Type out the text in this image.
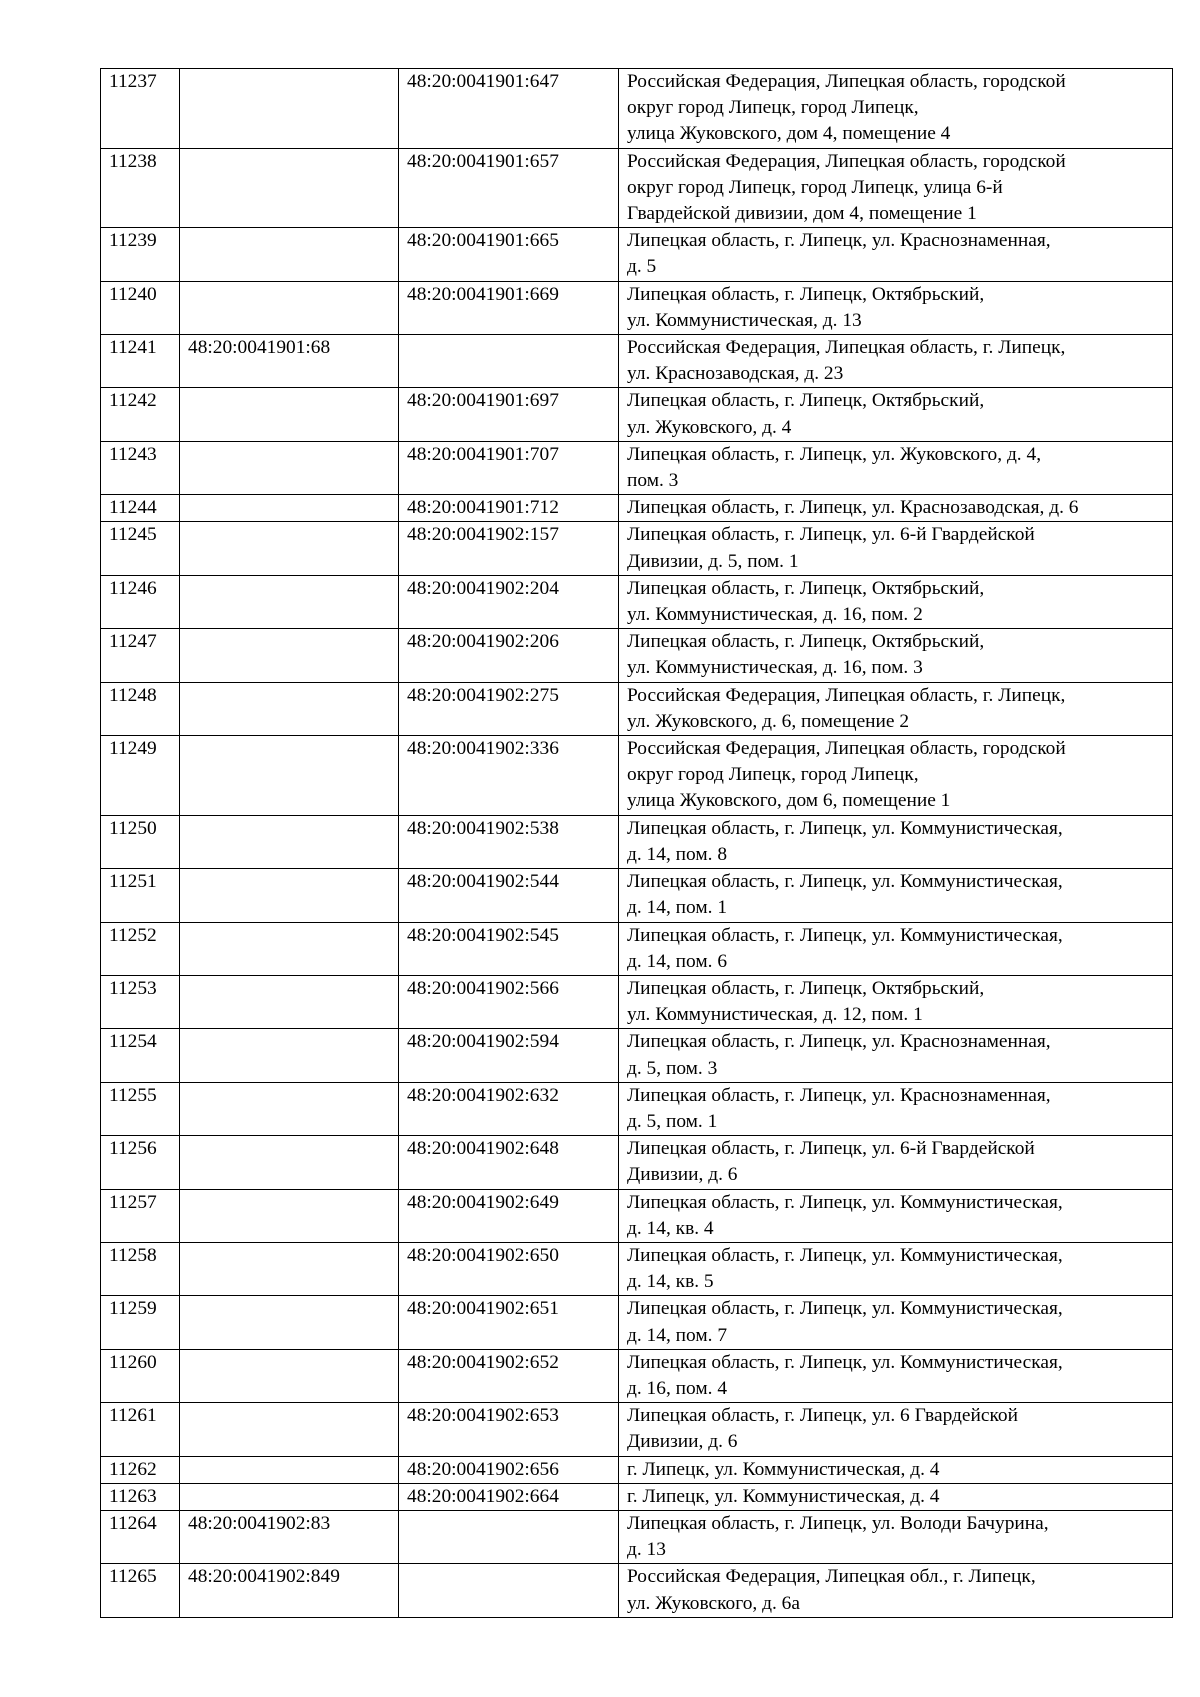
11237		48:20:0041901:647	Российская Федерация, Липецкая область, городской
округ город Липецк, город Липецк,
улица Жуковского, дом 4, помещение 4

11238		48:20:0041901:657	Российская Федерация, Липецкая область, городской
округ город Липецк, город Липецк, улица 6-й
Гвардейской дивизии, дом 4, помещение 1

11239		48:20:0041901:665	Липецкая область, г. Липецк, ул. Краснознаменная,
д. 5

11240		48:20:0041901:669	Липецкая область, г. Липецк, Октябрьский,
ул. Коммунистическая, д. 13

11241	48:20:0041901:68		Российская Федерация, Липецкая область, г. Липецк,
ул. Краснозаводская, д. 23

11242		48:20:0041901:697	Липецкая область, г. Липецк, Октябрьский,
ул. Жуковского, д. 4

11243		48:20:0041901:707	Липецкая область, г. Липецк, ул. Жуковского, д. 4,
пом. 3

11244		48:20:0041901:712	Липецкая область, г. Липецк, ул. Краснозаводская, д. 6

11245		48:20:0041902:157	Липецкая область, г. Липецк, ул. 6-й Гвардейской
Дивизии, д. 5, пом. 1

11246		48:20:0041902:204	Липецкая область, г. Липецк, Октябрьский,
ул. Коммунистическая, д. 16, пом. 2

11247		48:20:0041902:206	Липецкая область, г. Липецк, Октябрьский,
ул. Коммунистическая, д. 16, пом. 3

11248		48:20:0041902:275	Российская Федерация, Липецкая область, г. Липецк,
ул. Жуковского, д. 6, помещение 2

11249		48:20:0041902:336	Российская Федерация, Липецкая область, городской
округ город Липецк, город Липецк,
улица Жуковского, дом 6, помещение 1

11250		48:20:0041902:538	Липецкая область, г. Липецк, ул. Коммунистическая,
д. 14, пом. 8

11251		48:20:0041902:544	Липецкая область, г. Липецк, ул. Коммунистическая,
д. 14, пом. 1

11252		48:20:0041902:545	Липецкая область, г. Липецк, ул. Коммунистическая,
д. 14, пом. 6

11253		48:20:0041902:566	Липецкая область, г. Липецк, Октябрьский,
ул. Коммунистическая, д. 12, пом. 1

11254		48:20:0041902:594	Липецкая область, г. Липецк, ул. Краснознаменная,
д. 5, пом. 3

11255		48:20:0041902:632	Липецкая область, г. Липецк, ул. Краснознаменная,
д. 5, пом. 1

11256		48:20:0041902:648	Липецкая область, г. Липецк, ул. 6-й Гвардейской
Дивизии, д. 6

11257		48:20:0041902:649	Липецкая область, г. Липецк, ул. Коммунистическая,
д. 14, кв. 4

11258		48:20:0041902:650	Липецкая область, г. Липецк, ул. Коммунистическая,
д. 14, кв. 5

11259		48:20:0041902:651	Липецкая область, г. Липецк, ул. Коммунистическая,
д. 14, пом. 7

11260		48:20:0041902:652	Липецкая область, г. Липецк, ул. Коммунистическая,
д. 16, пом. 4

11261		48:20:0041902:653	Липецкая область, г. Липецк, ул. 6 Гвардейской
Дивизии, д. 6

11262		48:20:0041902:656	г. Липецк, ул. Коммунистическая, д. 4

11263		48:20:0041902:664	г. Липецк, ул. Коммунистическая, д. 4

11264	48:20:0041902:83		Липецкая область, г. Липецк, ул. Володи Бачурина,
д. 13

11265	48:20:0041902:849		Российская Федерация, Липецкая обл., г. Липецк,
ул. Жуковского, д. 6а
